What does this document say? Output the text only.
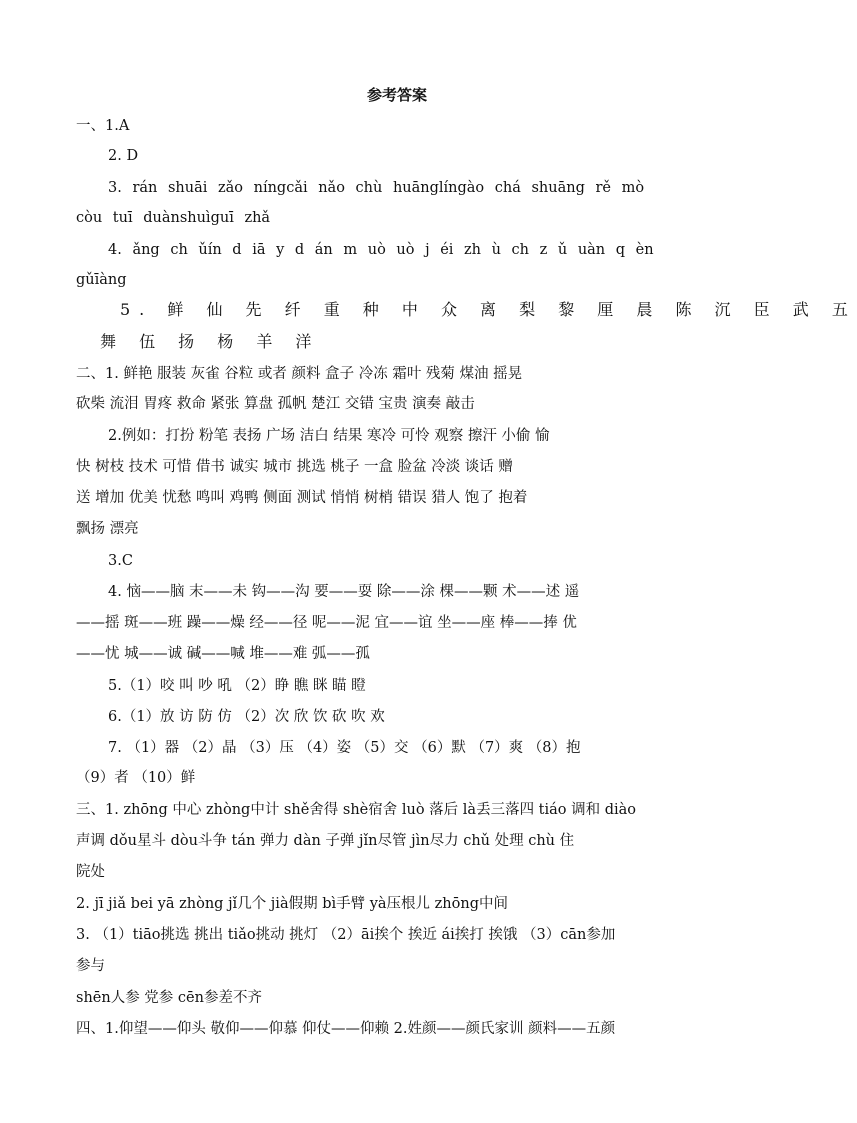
参考答案
一、1.A
2. D
3. rán shuāi zǎo níngcǎi nǎo chù huānglíngào chá shuāng rě mò
còu tuī duànshuìguī zhǎ
4. ǎng ch ǔín d iā y d án m uò uò j éi zh ù ch z ǔ uàn q èn
gǔīàng
5. 鲜 仙 先 纤 重 种 中 众 离 梨 黎 厘 晨 陈 沉 臣 武 五
舞 伍 扬 杨 羊 洋
二、1. 鲜艳 服装 灰雀 谷粒 或者 颜料 盒子 冷冻 霜叶 残菊 煤油 摇晃
砍柴 流泪 胃疼 救命 紧张 算盘 孤帆 楚江 交错 宝贵 演奏 敲击
2.例如：打扮 粉笔 表扬 广场 洁白 结果 寒冷 可怜 观察 擦汗 小偷 愉
快 树枝 技术 可惜 借书 诚实 城市 挑选 桃子 一盒 脸盆 冷淡 谈话 赠
送 增加 优美 忧愁 鸣叫 鸡鸭 侧面 测试 悄悄 树梢 错误 猎人 饱了 抱着
飘扬 漂亮
3.C
4. 恼——脑 末——未 钩——沟 要——耍 除——涂 棵——颗 术——述 遥
——摇 斑——班 躁——燥 经——径 呢——泥 宜——谊 坐——座 棒——捧 优
——忧 城——诚 碱——喊 堆——难 弧——孤
5.（1）咬 叫 吵 吼 （2）睁 瞧 眯 瞄 瞪
6.（1）放 访 防 仿 （2）次 欣 饮 砍 吹 欢
7. （1）器 （2）晶 （3）压 （4）姿 （5）交 （6）默 （7）爽 （8）抱
（9）者 （10）鲜
三、1. zhōng 中心 zhòng中计 shě舍得 shè宿舍 luò 落后 là丢三落四 tiáo 调和 diào
声调 dǒu星斗 dòu斗争 tán 弹力 dàn 子弹 jǐn尽管 jìn尽力 chǔ 处理 chù 住
院处
2. jī jiǎ bei yā zhòng jǐ几个 jià假期 bì手臂 yà压根儿 zhōng中间
3. （1）tiāo挑选 挑出 tiǎo挑动 挑灯 （2）āi挨个 挨近 ái挨打 挨饿 （3）cān参加
参与
shēn人参 党参 cēn参差不齐
四、1.仰望——仰头 敬仰——仰慕 仰仗——仰赖 2.姓颜——颜氏家训 颜料——五颜
